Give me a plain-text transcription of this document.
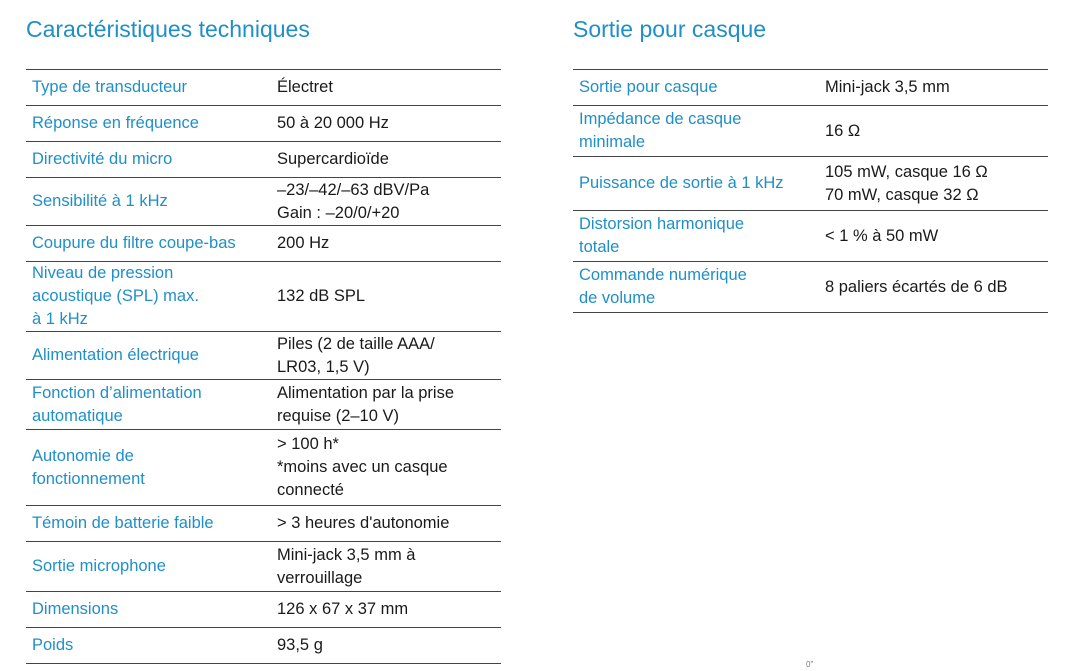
Caractéristiques techniques
Type de transducteur	Électret
Réponse en fréquence	50 à 20 000 Hz
Directivité du micro	Supercardioïde
Sensibilité à 1 kHz	–23/–42/–63 dBV/Pa
Gain : –20/0/+20
Coupure du filtre coupe-bas	200 Hz
Niveau de pression
acoustique (SPL) max.
à 1 kHz	132 dB SPL
Alimentation électrique	Piles (2 de taille AAA/
LR03, 1,5 V)
Fonction d’alimentation
automatique	Alimentation par la prise
requise (2–10 V)
Autonomie de
fonctionnement	> 100 h*
*moins avec un casque
connecté
Témoin de batterie faible	> 3 heures d'autonomie
Sortie microphone	Mini-jack 3,5 mm à
verrouillage
Dimensions	126 x 67 x 37 mm
Poids	93,5 g
Sortie pour casque
Sortie pour casque	Mini-jack 3,5 mm
Impédance de casque
minimale	16 Ω
Puissance de sortie à 1 kHz	105 mW, casque 16 Ω
70 mW, casque 32 Ω
Distorsion harmonique
totale	< 1 % à 50 mW
Commande numérique
de volume	8 paliers écartés de 6 dB
0"
